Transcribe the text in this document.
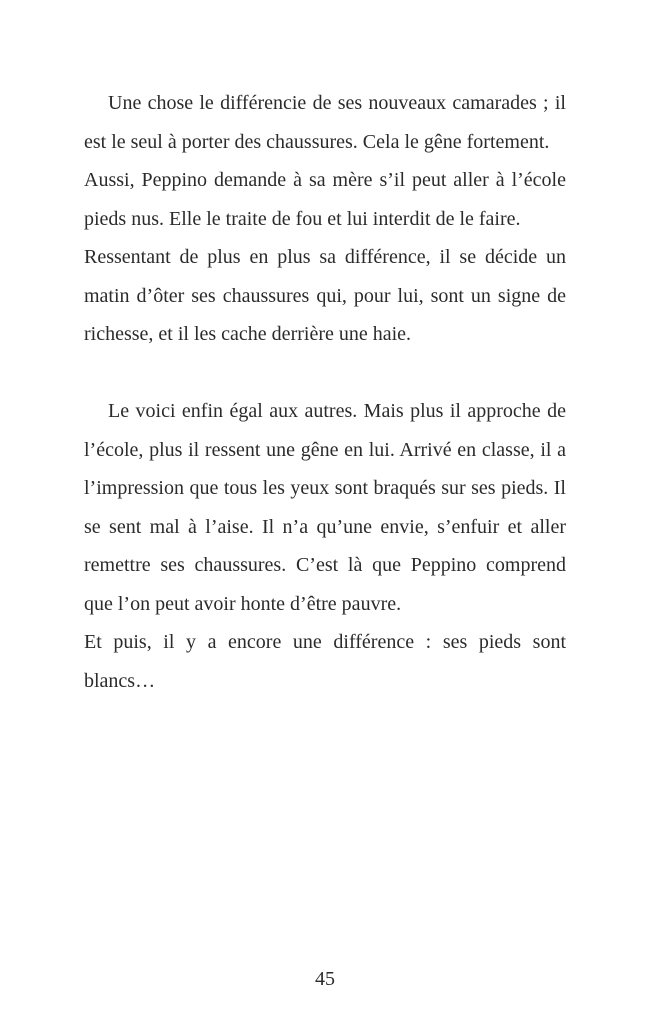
Une chose le différencie de ses nouveaux camarades ; il est le seul à porter des chaussures. Cela le gêne fortement.

Aussi, Peppino demande à sa mère s’il peut aller à l’école pieds nus. Elle le traite de fou et lui interdit de le faire.

Ressentant de plus en plus sa différence, il se décide un matin d’ôter ses chaussures qui, pour lui, sont un signe de richesse, et il les cache derrière une haie.

Le voici enfin égal aux autres. Mais plus il approche de l’école, plus il ressent une gêne en lui. Arrivé en classe, il a l’impression que tous les yeux sont braqués sur ses pieds. Il se sent mal à l’aise. Il n’a qu’une envie, s’enfuir et aller remettre ses chaussures. C’est là que Peppino comprend que l’on peut avoir honte d’être pauvre.

Et puis, il y a encore une différence : ses pieds sont blancs…

45
